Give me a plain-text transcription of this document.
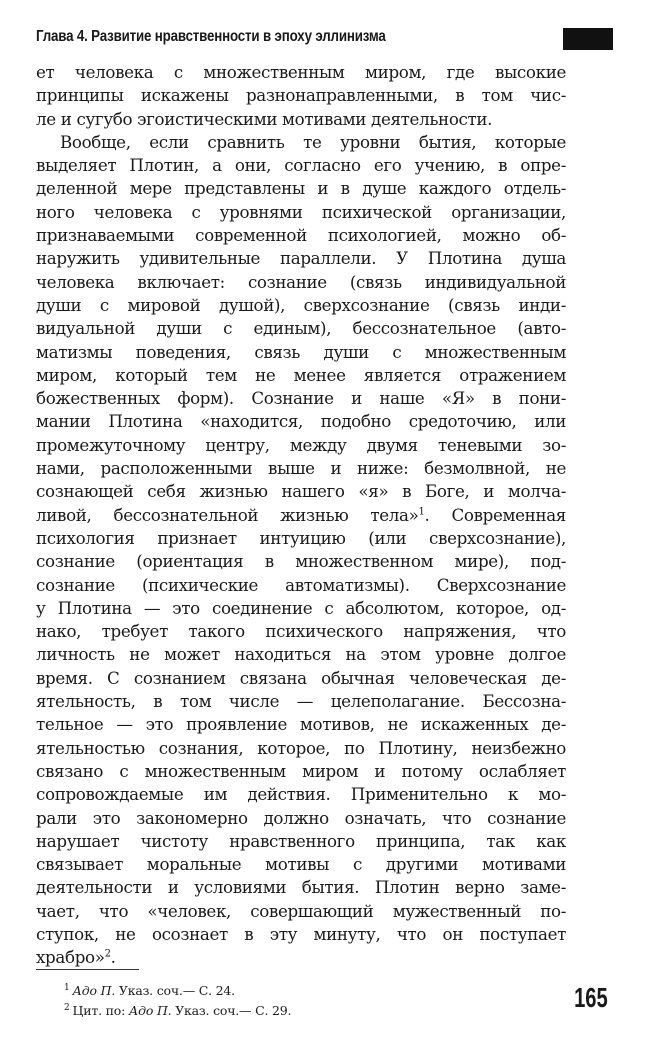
Глава 4. Развитие нравственности в эпоху эллинизма
ет человека с множественным миром, где высокие
принципы искажены разнонаправленными, в том чис-
ле и сугубо эгоистическими мотивами деятельности.
Вообще, если сравнить те уровни бытия, которые
выделяет Плотин, а они, согласно его учению, в опре-
деленной мере представлены и в душе каждого отдель-
ного человека с уровнями психической организации,
признаваемыми современной психологией, можно об-
наружить удивительные параллели. У Плотина душа
человека включает: сознание (связь индивидуальной
души с мировой душой), сверхсознание (связь инди-
видуальной души с единым), бессознательное (авто-
матизмы поведения, связь души с множественным
миром, который тем не менее является отражением
божественных форм). Сознание и наше «Я» в пони-
мании Плотина «находится, подобно средоточию, или
промежуточному центру, между двумя теневыми зо-
нами, расположенными выше и ниже: безмолвной, не
сознающей себя жизнью нашего «я» в Боге, и молча-
ливой, бессознательной жизнью тела»$^1$. Современная
психология признает интуицию (или сверхсознание),
сознание (ориентация в множественном мире), под-
сознание (психические автоматизмы). Сверхсознание
у Плотина — это соединение с абсолютом, которое, од-
нако, требует такого психического напряжения, что
личность не может находиться на этом уровне долгое
время. С сознанием связана обычная человеческая де-
ятельность, в том числе — целеполагание. Бессозна-
тельное — это проявление мотивов, не искаженных де-
ятельностью сознания, которое, по Плотину, неизбежно
связано с множественным миром и потому ослабляет
сопровождаемые им действия. Применительно к мо-
рали это закономерно должно означать, что сознание
нарушает чистоту нравственного принципа, так как
связывает моральные мотивы с другими мотивами
деятельности и условиями бытия. Плотин верно заме-
чает, что «человек, совершающий мужественный по-
ступок, не осознает в эту минуту, что он поступает
храбро»$^2$.
$^1$ Адо П. Указ. соч.— С. 24.
$^2$ Цит. по: Адо П. Указ. соч.— С. 29.	165
